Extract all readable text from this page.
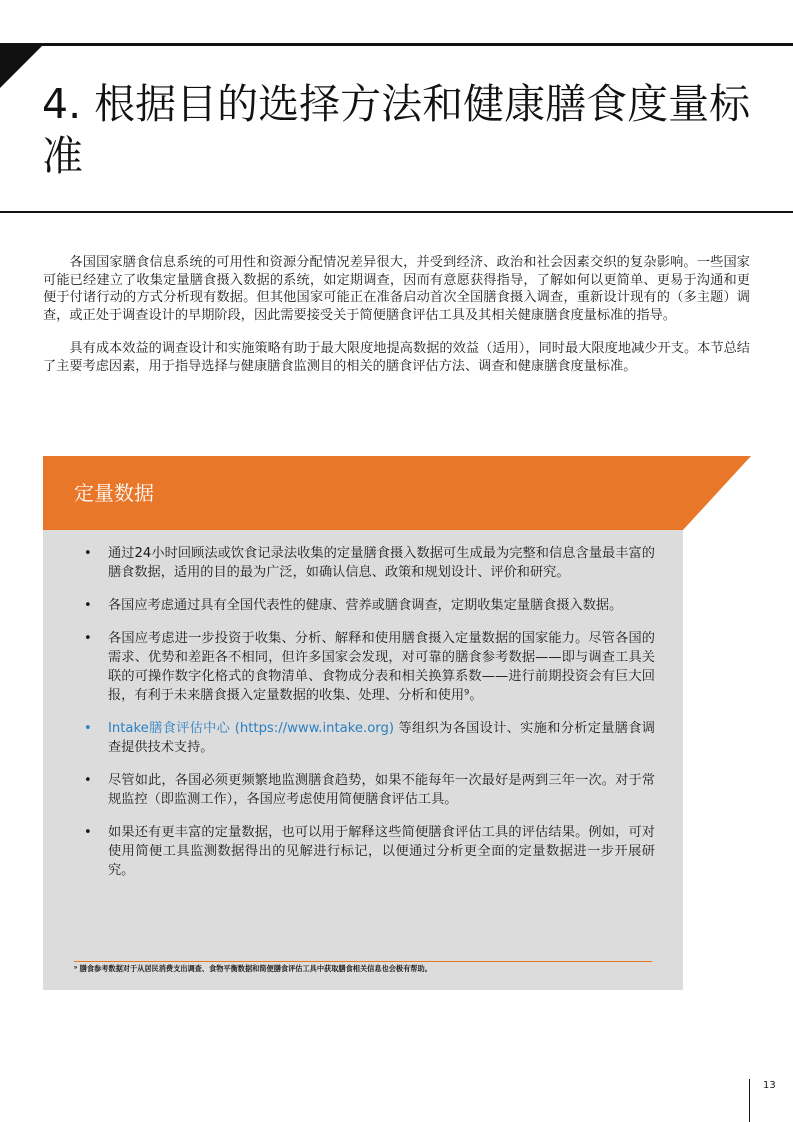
4. 根据目的选择方法和健康膳食度量标准

各国国家膳食信息系统的可用性和资源分配情况差异很大，并受到经济、政治和社会因素交织的复杂影响。一些国家可能已经建立了收集定量膳食摄入数据的系统，如定期调查，因而有意愿获得指导，了解如何以更简单、更易于沟通和更便于付诸行动的方式分析现有数据。但其他国家可能正在准备启动首次全国膳食摄入调查，重新设计现有的（多主题）调查，或正处于调查设计的早期阶段，因此需要接受关于简便膳食评估工具及其相关健康膳食度量标准的指导。

具有成本效益的调查设计和实施策略有助于最大限度地提高数据的效益（适用），同时最大限度地减少开支。本节总结了主要考虑因素，用于指导选择与健康膳食监测目的相关的膳食评估方法、调查和健康膳食度量标准。

定量数据
• 通过24小时回顾法或饮食记录法收集的定量膳食摄入数据可生成最为完整和信息含量最丰富的膳食数据，适用的目的最为广泛，如确认信息、政策和规划设计、评价和研究。
• 各国应考虑通过具有全国代表性的健康、营养或膳食调查，定期收集定量膳食摄入数据。
• 各国应考虑进一步投资于收集、分析、解释和使用膳食摄入定量数据的国家能力。尽管各国的需求、优势和差距各不相同，但许多国家会发现，对可靠的膳食参考数据——即与调查工具关联的可操作数字化格式的食物清单、食物成分表和相关换算系数——进行前期投资会有巨大回报，有利于未来膳食摄入定量数据的收集、处理、分析和使用⁹。
• Intake膳食评估中心 (https://www.intake.org) 等组织为各国设计、实施和分析定量膳食调查提供技术支持。
• 尽管如此，各国必须更频繁地监测膳食趋势，如果不能每年一次最好是两到三年一次。对于常规监控（即监测工作），各国应考虑使用简便膳食评估工具。
• 如果还有更丰富的定量数据，也可以用于解释这些简便膳食评估工具的评估结果。例如，可对使用简便工具监测数据得出的见解进行标记，以便通过分析更全面的定量数据进一步开展研究。
⁹ 膳食参考数据对于从居民消费支出调查、食物平衡数据和简便膳食评估工具中获取膳食相关信息也会极有帮助。
13
